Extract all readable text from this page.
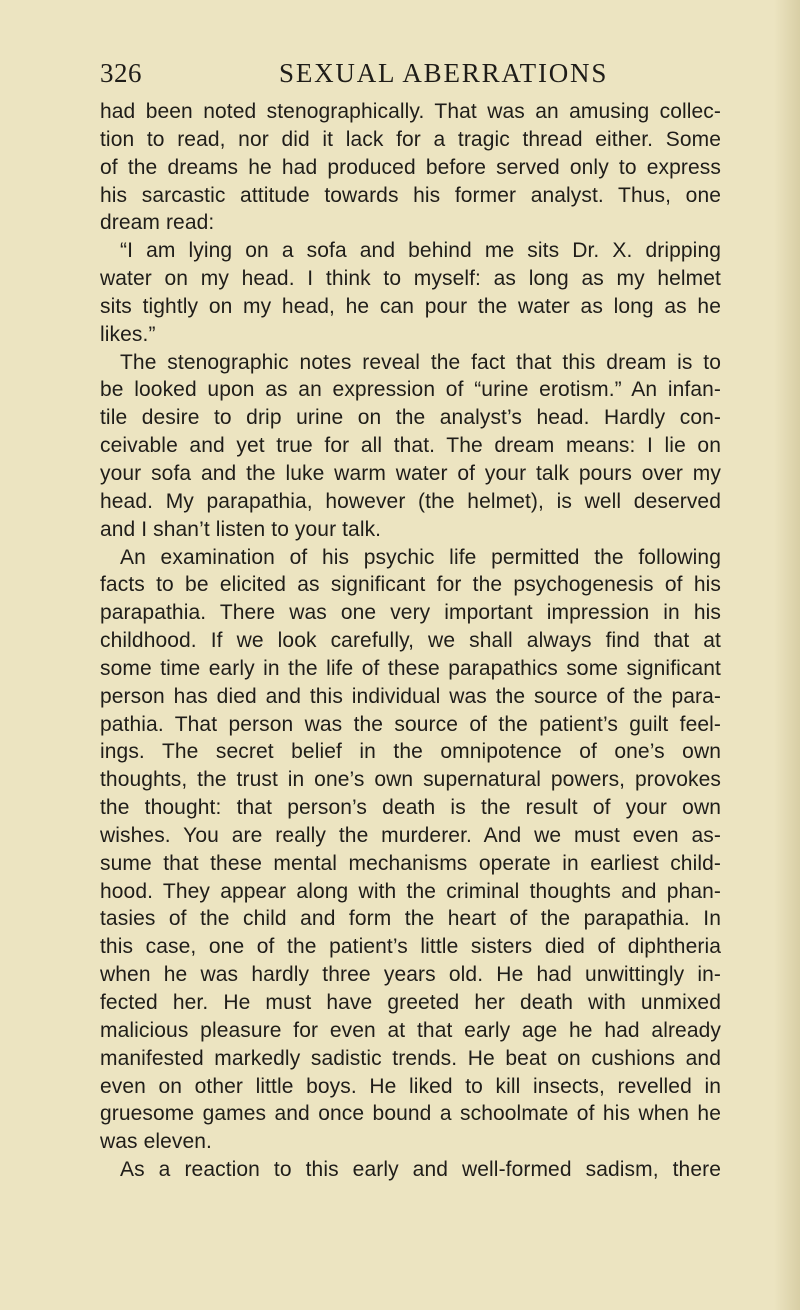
326	SEXUAL ABERRATIONS
had been noted stenographically. That was an amusing collec-
tion to read, nor did it lack for a tragic thread either. Some
of the dreams he had produced before served only to express
his sarcastic attitude towards his former analyst. Thus, one
dream read:
“I am lying on a sofa and behind me sits Dr. X. dripping
water on my head. I think to myself: as long as my helmet
sits tightly on my head, he can pour the water as long as he
likes.”
The stenographic notes reveal the fact that this dream is to
be looked upon as an expression of “urine erotism.” An infan-
tile desire to drip urine on the analyst’s head. Hardly con-
ceivable and yet true for all that. The dream means: I lie on
your sofa and the luke warm water of your talk pours over my
head. My parapathia, however (the helmet), is well deserved
and I shan’t listen to your talk.
An examination of his psychic life permitted the following
facts to be elicited as significant for the psychogenesis of his
parapathia. There was one very important impression in his
childhood. If we look carefully, we shall always find that at
some time early in the life of these parapathics some significant
person has died and this individual was the source of the para-
pathia. That person was the source of the patient’s guilt feel-
ings. The secret belief in the omnipotence of one’s own
thoughts, the trust in one’s own supernatural powers, provokes
the thought: that person’s death is the result of your own
wishes. You are really the murderer. And we must even as-
sume that these mental mechanisms operate in earliest child-
hood. They appear along with the criminal thoughts and phan-
tasies of the child and form the heart of the parapathia. In
this case, one of the patient’s little sisters died of diphtheria
when he was hardly three years old. He had unwittingly in-
fected her. He must have greeted her death with unmixed
malicious pleasure for even at that early age he had already
manifested markedly sadistic trends. He beat on cushions and
even on other little boys. He liked to kill insects, revelled in
gruesome games and once bound a schoolmate of his when he
was eleven.
As a reaction to this early and well-formed sadism, there
